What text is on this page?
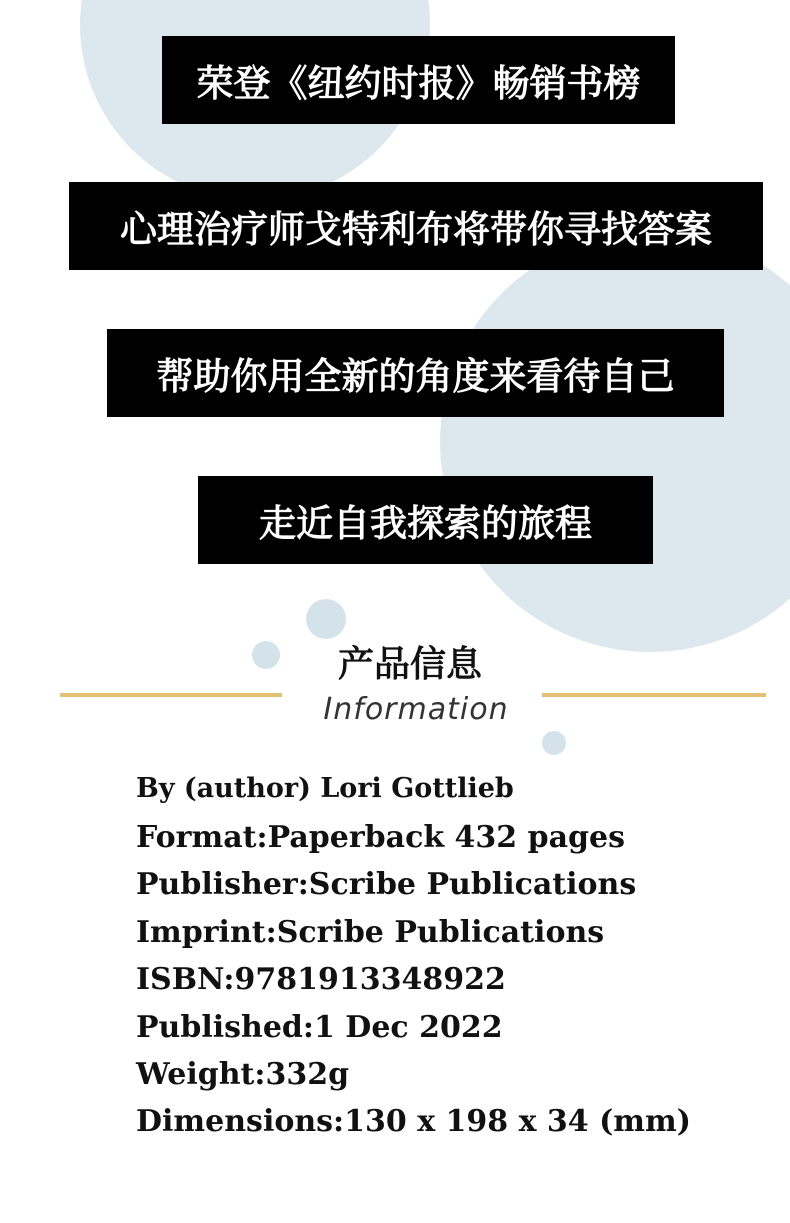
荣登《纽约时报》畅销书榜
心理治疗师戈特利布将带你寻找答案
帮助你用全新的角度来看待自己
走近自我探索的旅程
产品信息
Information
By (author) Lori Gottlieb
Format:Paperback 432 pages
Publisher:Scribe Publications
Imprint:Scribe Publications
ISBN:9781913348922
Published:1 Dec 2022
Weight:332g
Dimensions:130 x 198 x 34 (mm)
